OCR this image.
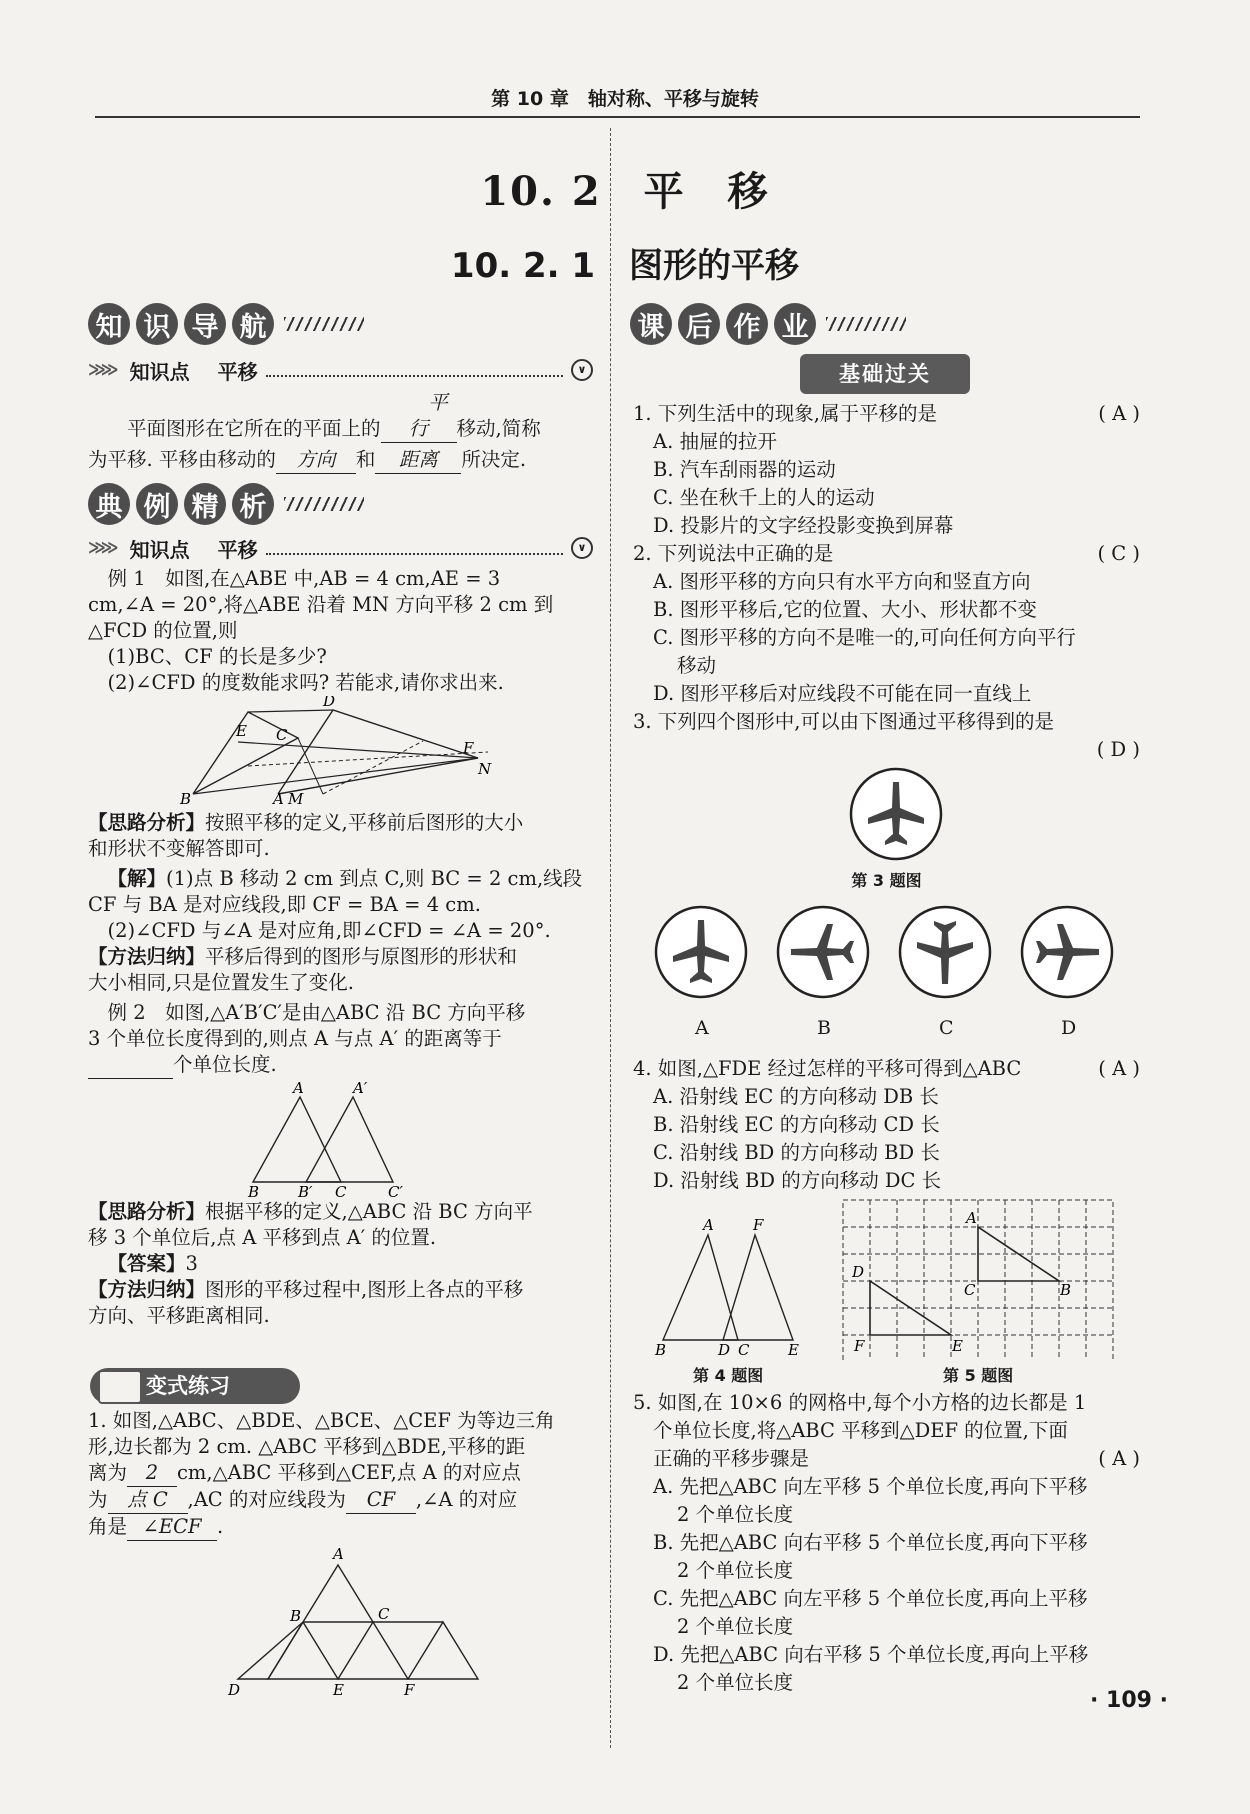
第 10 章　轴对称、平移与旋转
10. 2　平　移
10. 2. 1　图形的平移
知 识 导 航
≫≫ 知识点 平移	∨
平面图形在它所在的平面上的平行 移动,简称
为平移. 平移由移动的 方向 和 距离 所决定.
典 例 精 析
≫≫ 知识点 平移	∨
例 1　如图,在△ABE 中,AB = 4 cm,AE = 3
cm,∠A = 20°,将△ABE 沿着 MN 方向平移 2 cm 到
△FCD 的位置,则
(1)BC、CF 的长是多少?
(2)∠CFD 的度数能求吗? 若能求,请你求出来.
D
E C
F
N
B	A M
【思路分析】按照平移的定义,平移前后图形的大小
和形状不变解答即可.
【解】(1)点 B 移动 2 cm 到点 C,则 BC = 2 cm,线段
CF 与 BA 是对应线段,即 CF = BA = 4 cm.
(2)∠CFD 与∠A 是对应角,即∠CFD = ∠A = 20°.
【方法归纳】平移后得到的图形与原图形的形状和
大小相同,只是位置发生了变化.
例 2　如图,△A′B′C′是由△ABC 沿 BC 方向平移
3 个单位长度得到的,则点 A 与点 A′ 的距离等于
个单位长度.
A	A′
B	B′ C	C′
【思路分析】根据平移的定义,△ABC 沿 BC 方向平
移 3 个单位后,点 A 平移到点 A′ 的位置.
【答案】3
【方法归纳】图形的平移过程中,图形上各点的平移
方向、平移距离相同.
变式练习
1. 如图,△ABC、△BDE、△BCE、△CEF 为等边三角
形,边长都为 2 cm. △ABC 平移到△BDE,平移的距
离为 2 cm,△ABC 平移到△CEF,点 A 的对应点
为 点 C ,AC 的对应线段为 CF ,∠A 的对应
角是 ∠ECF .
A
B	C
D	E	F
课 后 作 业
基础过关
1. 下列生活中的现象,属于平移的是	( A )
A. 抽屉的拉开
B. 汽车刮雨器的运动
C. 坐在秋千上的人的运动
D. 投影片的文字经投影变换到屏幕
2. 下列说法中正确的是	( C )
A. 图形平移的方向只有水平方向和竖直方向
B. 图形平移后,它的位置、大小、形状都不变
C. 图形平移的方向不是唯一的,可向任何方向平行
移动
D. 图形平移后对应线段不可能在同一直线上
3. 下列四个图形中,可以由下图通过平移得到的是
( D )
第 3 题图
A	B	C	D
4. 如图,△FDE 经过怎样的平移可得到△ABC	( A )
A. 沿射线 EC 的方向移动 DB 长
B. 沿射线 EC 的方向移动 CD 长
C. 沿射线 BD 的方向移动 BD 长
D. 沿射线 BD 的方向移动 DC 长
A	F
B	D C	E
第 4 题图
A
C	B
D
F	E
第 5 题图
5. 如图,在 10×6 的网格中,每个小方格的边长都是 1
个单位长度,将△ABC 平移到△DEF 的位置,下面
正确的平移步骤是	( A )
A. 先把△ABC 向左平移 5 个单位长度,再向下平移
2 个单位长度
B. 先把△ABC 向右平移 5 个单位长度,再向下平移
2 个单位长度
C. 先把△ABC 向左平移 5 个单位长度,再向上平移
2 个单位长度
D. 先把△ABC 向右平移 5 个单位长度,再向上平移
2 个单位长度
· 109 ·
